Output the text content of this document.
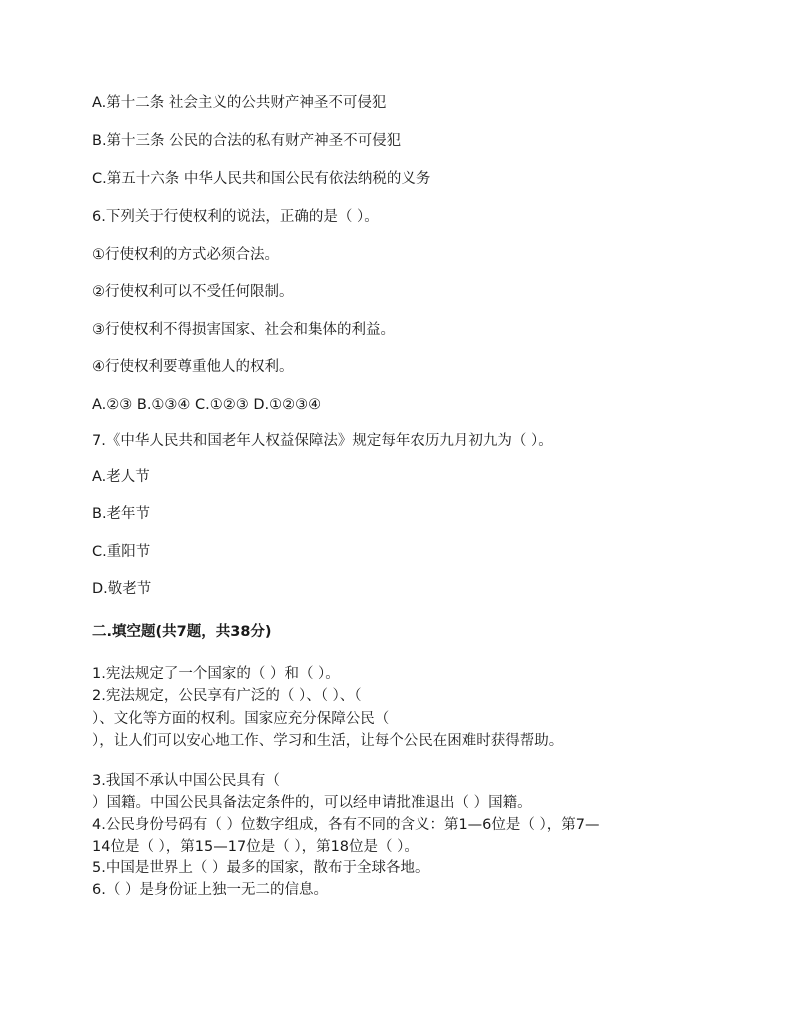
A.第十二条 社会主义的公共财产神圣不可侵犯
B.第十三条 公民的合法的私有财产神圣不可侵犯
C.第五十六条 中华人民共和国公民有依法纳税的义务
6.下列关于行使权利的说法，正确的是（ ）。
①行使权利的方式必须合法。
②行使权利可以不受任何限制。
③行使权利不得损害国家、社会和集体的利益。
④行使权利要尊重他人的权利。
A.②③ B.①③④ C.①②③ D.①②③④
7.《中华人民共和国老年人权益保障法》规定每年农历九月初九为（ ）。
A.老人节
B.老年节
C.重阳节
D.敬老节
二.填空题(共7题，共38分)
1.宪法规定了一个国家的（ ）和（ ）。
2.宪法规定，公民享有广泛的（ ）、（ ）、（
）、文化等方面的权利。国家应充分保障公民（
），让人们可以安心地工作、学习和生活，让每个公民在困难时获得帮助。
3.我国不承认中国公民具有（
）国籍。中国公民具备法定条件的，可以经申请批准退出（ ）国籍。
4.公民身份号码有（ ）位数字组成，各有不同的含义：第1—6位是（ ），第7—
14位是（ ），第15—17位是（ ），第18位是（ ）。
5.中国是世界上（ ）最多的国家，散布于全球各地。
6.（ ）是身份证上独一无二的信息。
